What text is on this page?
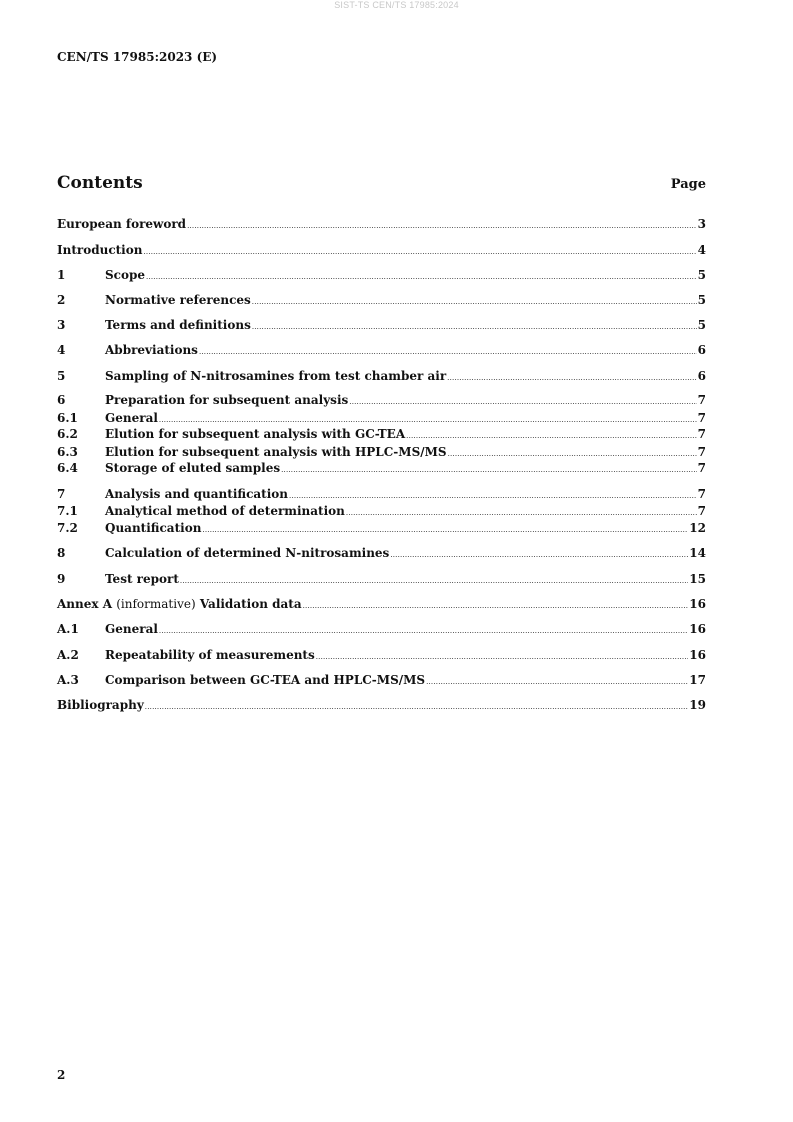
SIST-TS CEN/TS 17985:2024
CEN/TS 17985:2023 (E)
Contents	Page
European foreword .....	3
Introduction .....	4
1	Scope .....	5
2	Normative references .....	5
3	Terms and definitions .....	5
4	Abbreviations .....	6
5	Sampling of N-nitrosamines from test chamber air .....	6
6	Preparation for subsequent analysis .....	7
6.1	General .....	7
6.2	Elution for subsequent analysis with GC-TEA .....	7
6.3	Elution for subsequent analysis with HPLC-MS/MS .....	7
6.4	Storage of eluted samples .....	7
7	Analysis and quantification .....	7
7.1	Analytical method of determination .....	7
7.2	Quantification .....	12
8	Calculation of determined N-nitrosamines .....	14
9	Test report .....	15
Annex A (informative) Validation data .....	16
A.1	General .....	16
A.2	Repeatability of measurements .....	16
A.3	Comparison between GC-TEA and HPLC-MS/MS .....	17
Bibliography .....	19
2
